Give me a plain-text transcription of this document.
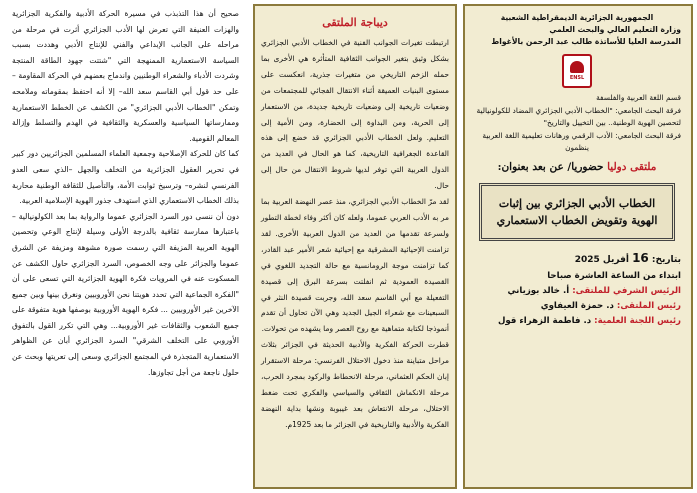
صحيح أن هذا التذبذب في مسيرة الحركة الأدبية والفكرية الجزائرية والهزات العنيفة التي تعرض لها الأدب الجزائري أثرت في مرحلة من مراحله على الجانب الإبداعي والفني للإنتاج الأدبي وهددت بسبب السياسة الاستعمارية الممنهجة التي "شتتت جهود الطاقة المنتجة وشردت الأدباء والشعراء الوطنيين واندماج بعضهم في الحركة المقاومة –على حد قول أبي القاسم سعد الله– إلا أنه احتفظ بمقوماته وملامحه وتمكن "الخطاب الأدبي الجزائري" من الكشف عن الخطط الاستعمارية وممارساتها السياسية والعسكرية والثقافية في الهدم والتسلط وإزالة المعالم القومية.

كما كان للحركة الإصلاحية وجمعية العلماء المسلمين الجزائريين دور كبير في تحرير العقول الجزائرية من التخلف والجهل –الذي سعى العدو الفرنسي لنشره– وترسيخ ثوابت الأمة، والتأصيل للثقافة الوطنية محاربة بذلك الخطاب الاستعماري الذي استهدف جذور الهوية الإسلامية العربية.

دون أن ننسى دور السرد الجزائري عموما والرواية بما بعد الكولونيالية –باعتبارها ممارسة ثقافية بالدرجة الأولى وسيلة لإنتاج الوعي وتحصين الهوية العربية المزيفة التي رسمت صورة مشوهة ومزيفة عن الشرق عموما والجزائر على وجه الخصوص، السرد الجزائري حاول الكشف عن المسكوت عنه في المرويات فكرة الهوية الجزائرية التي تسعى على أن "الفكرة الجماعية التي تحدد هويتنا نحن الأوروبيين ونغرق بينها وبين جميع الآخرين غير الأوروبيين ... فكرة الهوية الأوروبية بوصفها هوية متفوقة على جميع الشعوب والثقافات غير الأوروبية... وهي التي تكرر القول بالتفوق الأوروبي على التخلف الشرقي" السرد الجزائري أبان عن الظواهر الاستعمارية المتجذرة في المجتمع الجزائري وسعى إلى تعريتها وبحث عن حلول ناجعة من أجل تجاوزها.

ديباجة الملتقى

ارتبطت تغيرات الجوانب الفنية في الخطاب الأدبي الجزائري بشكل وثيق بتغير الجوانب الثقافية المتأثرة هي الأخرى بما حمله الزخم التاريخي من متغيرات جذرية، انعكست على مستوى البنيات العميقة أثناء الانتقال الفجائي للمجتمعات من وضعيات تاريخية إلى وضعيات تاريخية جديدة، من الاستعمار إلى الحرية، ومن البداوة إلى الحضارة، ومن الأمية إلى التعليم. ولعل الخطاب الأدبي الجزائري قد خضع إلى هذه القاعدة الجغرافية التاريخية، كما هو الحال في العديد من الدول العربية التي توفر لديها شروط الانتقال من حال إلى حال.

لقد مرّ الخطاب الأدبي الجزائري، منذ عصر النهضة العربية بما مر به الأدب العربي عموما، ولعله كان أكثر وفاء لخطة التطور ولسرعة تقدمها من العديد من الدول العربية الأخرى. لقد تزامنت الإحيائية المشرقية مع إحيائية شعر الأمير عبد القادر، كما تزامنت موجة الرومانسية مع حالة التجديد اللغوي في القصيدة العمودية ثم انفلتت بسرعة البرق إلى قصيدة التفعيلة مع أبي القاسم سعد الله، وجربت قصيدة النثر في السبعينات مع شعراء الجيل الجديد وهي الآن تحاول أن تقدم أنموذجا لكتابة متماهية مع روح العصر وما يشهده من تحولات.

قطرت الحركة الفكرية والأدبية الحديثة في الجزائر بثلاث مراحل متباينة منذ دخول الاحتلال الفرنسي: مرحلة الاستقرار إبان الحكم العثماني، مرحلة الانحطاط والركود بمجرد الحرب، مرحلة الانكماش الثقافي والسياسي والفكري تحت ضغط الاحتلال، مرحلة الانتعاش بعد غيبوبة ونشها بداية النهضة الفكرية والأدبية والتاريخية في الجزائر ما بعد 1925م.

الجمهورية الجزائرية الديمقراطية الشعبية
وزارة التعليم العالي والبحث العلمي
المدرسة العليا للأساتذة طالب عبد الرحمن بالأغواط
ENSL
قسم اللغة العربية والفلسفة
فرقة البحث الجامعي: "الخطاب الأدبي الجزائري المضاد للكولونيالية
لتحصين الهوية الوطنية.. بين التخييل والتاريخ"
فرقة البحث الجامعي: الأدب الرقمي ورهانات تعليمية اللغة العربية
ينظمون
ملتقى دوليا حضوريا/ عن بعد بعنوان:
الخطاب الأدبي الجزائري بين إثبات
الهوية وتقويض الخطاب الاستعماري
بتاريخ: 16 أفريل 2025
ابتداء من الساعة العاشرة صباحا
الرئيس الشرفي للملتقى: أ. خالد بوزياني
رئيس الملتقى: د. حمزة العيفاوي
رئيس اللجنة العلمية: د. فاطمة الزهراء قول
